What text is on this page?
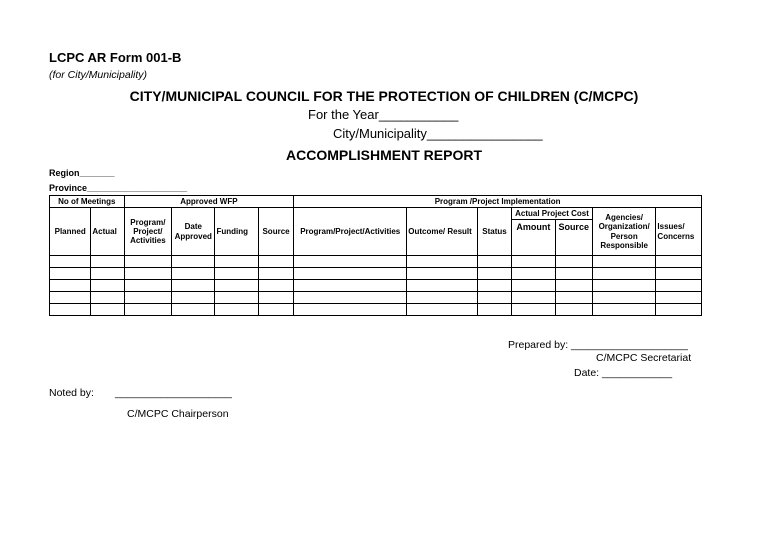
LCPC AR Form 001-B
(for City/Municipality)
CITY/MUNICIPAL COUNCIL FOR THE PROTECTION OF CHILDREN (C/MCPC)
For the Year___________
City/Municipality________________
ACCOMPLISHMENT REPORT
Region_______
Province____________________
No of Meetings		Approved WFP				Program /Project Implementation						
Planned	Actual	Program/ Project/ Activities	Date Approved	Funding	Source	Program/Project/Activities	Outcome/ Result	Status	Actual Project Cost		Agencies/ Organization/ Person Responsible	Issues/ Concerns
									Amount	Source		

Prepared by: ____________________
C/MCPC Secretariat
Date: ____________
Noted by: ____________________
C/MCPC Chairperson
